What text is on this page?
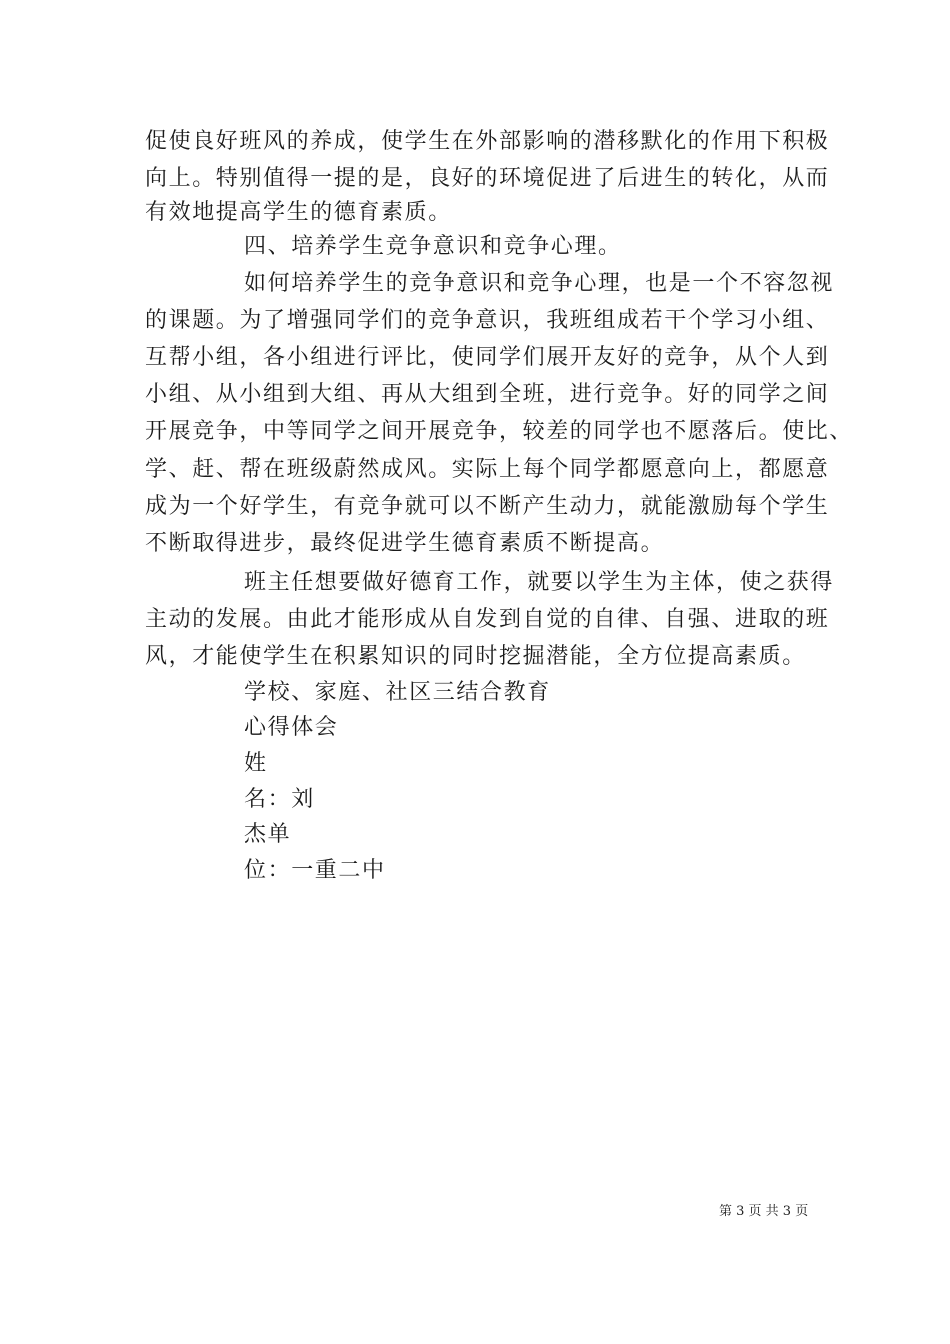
促使良好班风的养成，使学生在外部影响的潜移默化的作用下积极
向上。特别值得一提的是，良好的环境促进了后进生的转化，从而
有效地提高学生的德育素质。
四、培养学生竞争意识和竞争心理。
如何培养学生的竞争意识和竞争心理，也是一个不容忽视
的课题。为了增强同学们的竞争意识，我班组成若干个学习小组、
互帮小组，各小组进行评比，使同学们展开友好的竞争，从个人到
小组、从小组到大组、再从大组到全班，进行竞争。好的同学之间
开展竞争，中等同学之间开展竞争，较差的同学也不愿落后。使比、
学、赶、帮在班级蔚然成风。实际上每个同学都愿意向上，都愿意
成为一个好学生，有竞争就可以不断产生动力，就能激励每个学生
不断取得进步，最终促进学生德育素质不断提高。
班主任想要做好德育工作，就要以学生为主体，使之获得
主动的发展。由此才能形成从自发到自觉的自律、自强、进取的班
风，才能使学生在积累知识的同时挖掘潜能，全方位提高素质。
学校、家庭、社区三结合教育
心得体会
姓
名：刘
杰单
位：一重二中
第 3 页 共 3 页
